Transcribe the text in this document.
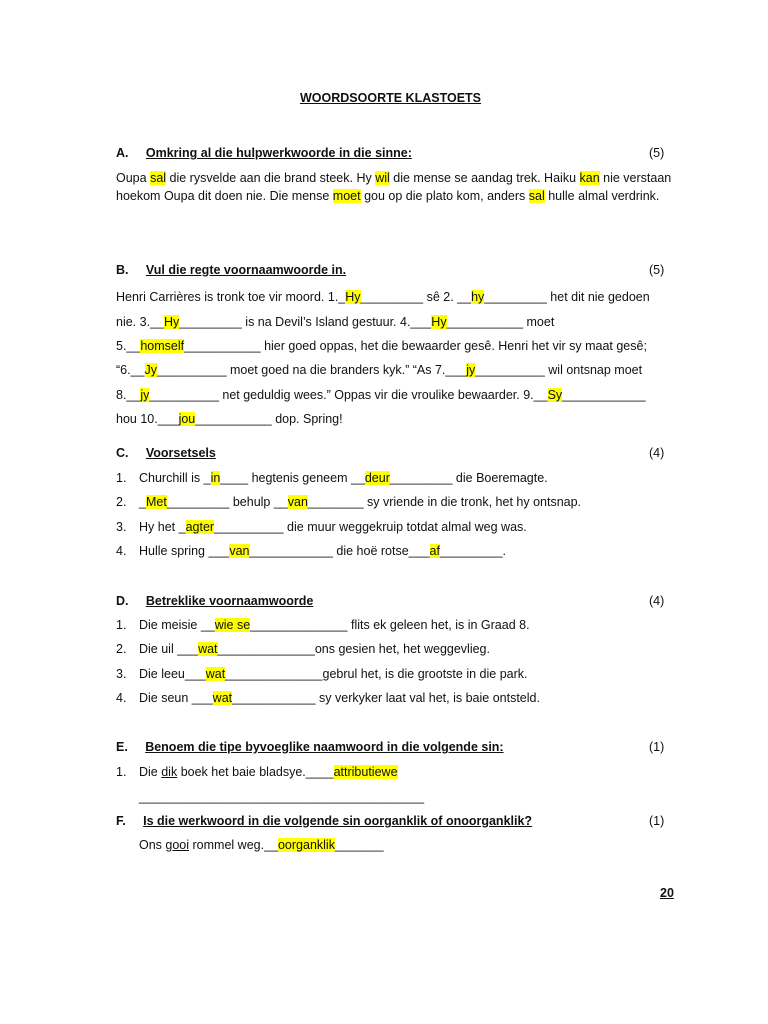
WOORDSOORTE KLASTOETS
A. Omkring al die hulpwerkwoorde in die sinne:	(5)
Oupa sal die rysvelde aan die brand steek. Hy wil die mense se aandag trek. Haiku kan nie verstaan hoekom Oupa dit doen nie. Die mense moet gou op die plato kom, anders sal hulle almal verdrink.
B. Vul die regte voornaamwoorde in.	(5)
Henri Carrières is tronk toe vir moord. 1._Hy_________ sê 2. __hy_________ het dit nie gedoen
nie. 3.__Hy_________ is na Devil’s Island gestuur. 4.___Hy___________ moet
5.__homself___________ hier goed oppas, het die bewaarder gesê. Henri het vir sy maat gesê;
“6.__Jy__________ moet goed na die branders kyk.” “As 7.___jy__________ wil ontsnap moet
8.__jy__________ net geduldig wees.” Oppas vir die vroulike bewaarder. 9.__Sy____________
hou 10.___jou___________ dop. Spring!
C. Voorsetsels	(4)
1. Churchill is _in____ hegtenis geneem __deur_________ die Boeremagte.
2. _Met_________ behulp __van________ sy vriende in die tronk, het hy ontsnap.
3. Hy het _agter__________ die muur weggekruip totdat almal weg was.
4. Hulle spring ___van____________ die hoë rotse___af_________.
D. Betreklike voornaamwoorde	(4)
1. Die meisie __wie se______________ flits ek geleen het, is in Graad 8.
2. Die uil ___wat______________ons gesien het, het weggevlieg.
3. Die leeu___wat______________gebrul het, is die grootste in die park.
4. Die seun ___wat____________ sy verkyker laat val het, is baie ontsteld.
E. Benoem die tipe byvoeglike naamwoord in die volgende sin:	(1)
1. Die dik boek het baie bladsye.____attributiewe
_________________________________________
F. Is die werkwoord in die volgende sin oorganklik of onoorganklik?	(1)
Ons gooi rommel weg.__oorganklik_______
20
